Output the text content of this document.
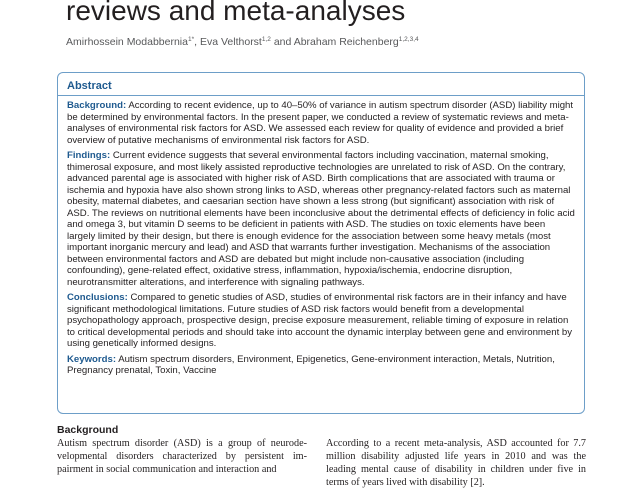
reviews and meta-analyses
Amirhossein Modabbernia$^{1*}$, Eva Velthorst$^{1,2}$ and Abraham Reichenberg$^{1,2,3,4}$
Abstract

Background: According to recent evidence, up to 40–50% of variance in autism spectrum disorder (ASD) liability might be determined by environmental factors. In the present paper, we conducted a review of systematic reviews and meta-analyses of environmental risk factors for ASD. We assessed each review for quality of evidence and provided a brief overview of putative mechanisms of environmental risk factors for ASD.

Findings: Current evidence suggests that several environmental factors including vaccination, maternal smoking, thimerosal exposure, and most likely assisted reproductive technologies are unrelated to risk of ASD. On the contrary, advanced parental age is associated with higher risk of ASD. Birth complications that are associated with trauma or ischemia and hypoxia have also shown strong links to ASD, whereas other pregnancy-related factors such as maternal obesity, maternal diabetes, and caesarian section have shown a less strong (but significant) association with risk of ASD. The reviews on nutritional elements have been inconclusive about the detrimental effects of deficiency in folic acid and omega 3, but vitamin D seems to be deficient in patients with ASD. The studies on toxic elements have been largely limited by their design, but there is enough evidence for the association between some heavy metals (most important inorganic mercury and lead) and ASD that warrants further investigation. Mechanisms of the association between environmental factors and ASD are debated but might include non-causative association (including confounding), gene-related effect, oxidative stress, inflammation, hypoxia/ischemia, endocrine disruption, neurotransmitter alterations, and interference with signaling pathways.

Conclusions: Compared to genetic studies of ASD, studies of environmental risk factors are in their infancy and have significant methodological limitations. Future studies of ASD risk factors would benefit from a developmental psychopathology approach, prospective design, precise exposure measurement, reliable timing of exposure in relation to critical developmental periods and should take into account the dynamic interplay between gene and environment by using genetically informed designs.

Keywords: Autism spectrum disorders, Environment, Epigenetics, Gene-environment interaction, Metals, Nutrition, Pregnancy prenatal, Toxin, Vaccine

Background

Autism spectrum disorder (ASD) is a group of neurode-velopmental disorders characterized by persistent im-pairment in social communication and interaction and

According to a recent meta-analysis, ASD accounted for 7.7 million disability adjusted life years in 2010 and was the leading mental cause of disability in children under five in terms of years lived with disability [2].
